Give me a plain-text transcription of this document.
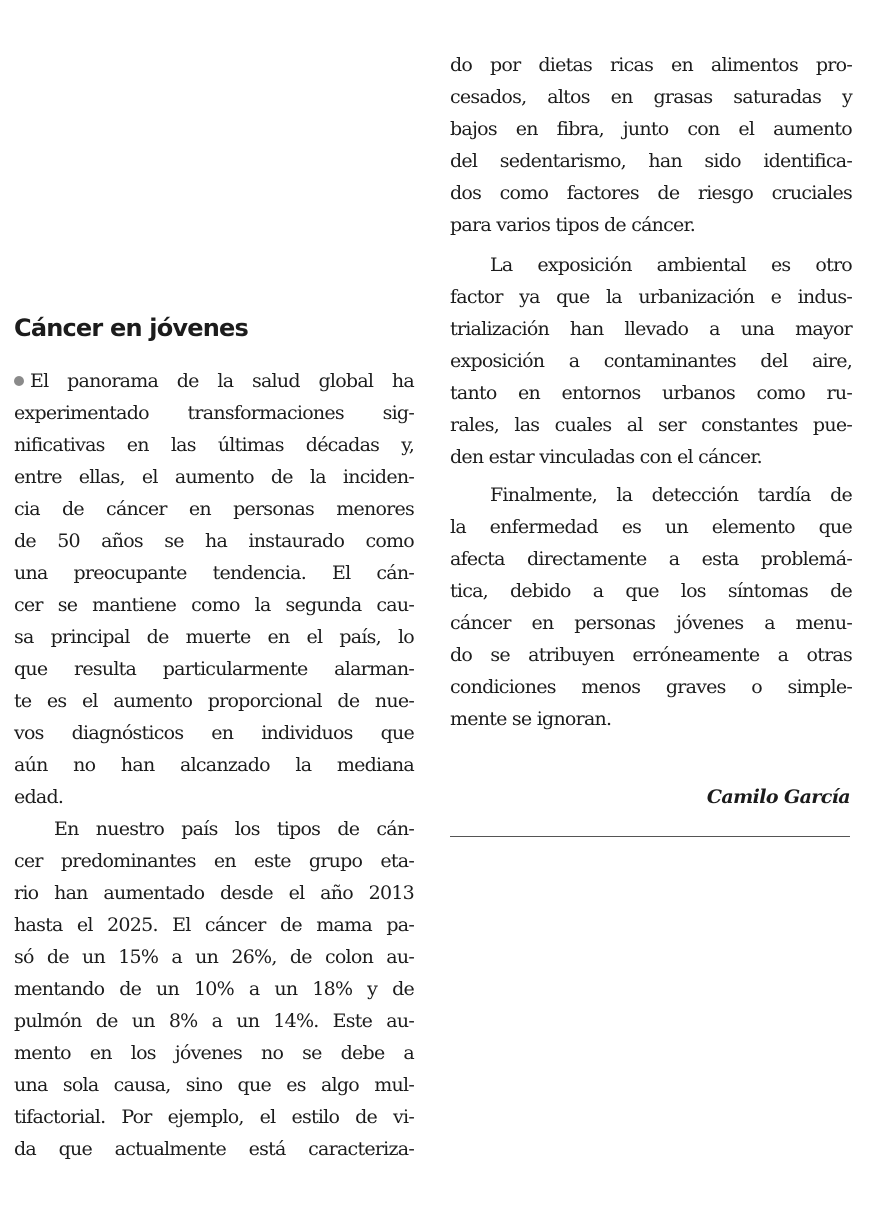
Cáncer en jóvenes
El panorama de la salud global ha
experimentado transformaciones sig-
nificativas en las últimas décadas y,
entre ellas, el aumento de la inciden-
cia de cáncer en personas menores
de 50 años se ha instaurado como
una preocupante tendencia. El cán-
cer se mantiene como la segunda cau-
sa principal de muerte en el país, lo
que resulta particularmente alarman-
te es el aumento proporcional de nue-
vos diagnósticos en individuos que
aún no han alcanzado la mediana
edad.
En nuestro país los tipos de cán-
cer predominantes en este grupo eta-
rio han aumentado desde el año 2013
hasta el 2025. El cáncer de mama pa-
só de un 15% a un 26%, de colon au-
mentando de un 10% a un 18% y de
pulmón de un 8% a un 14%. Este au-
mento en los jóvenes no se debe a
una sola causa, sino que es algo mul-
tifactorial. Por ejemplo, el estilo de vi-
da que actualmente está caracteriza-
do por dietas ricas en alimentos pro-
cesados, altos en grasas saturadas y
bajos en fibra, junto con el aumento
del sedentarismo, han sido identifica-
dos como factores de riesgo cruciales
para varios tipos de cáncer.
La exposición ambiental es otro
factor ya que la urbanización e indus-
trialización han llevado a una mayor
exposición a contaminantes del aire,
tanto en entornos urbanos como ru-
rales, las cuales al ser constantes pue-
den estar vinculadas con el cáncer.
Finalmente, la detección tardía de
la enfermedad es un elemento que
afecta directamente a esta problemá-
tica, debido a que los síntomas de
cáncer en personas jóvenes a menu-
do se atribuyen erróneamente a otras
condiciones menos graves o simple-
mente se ignoran.
Camilo García
